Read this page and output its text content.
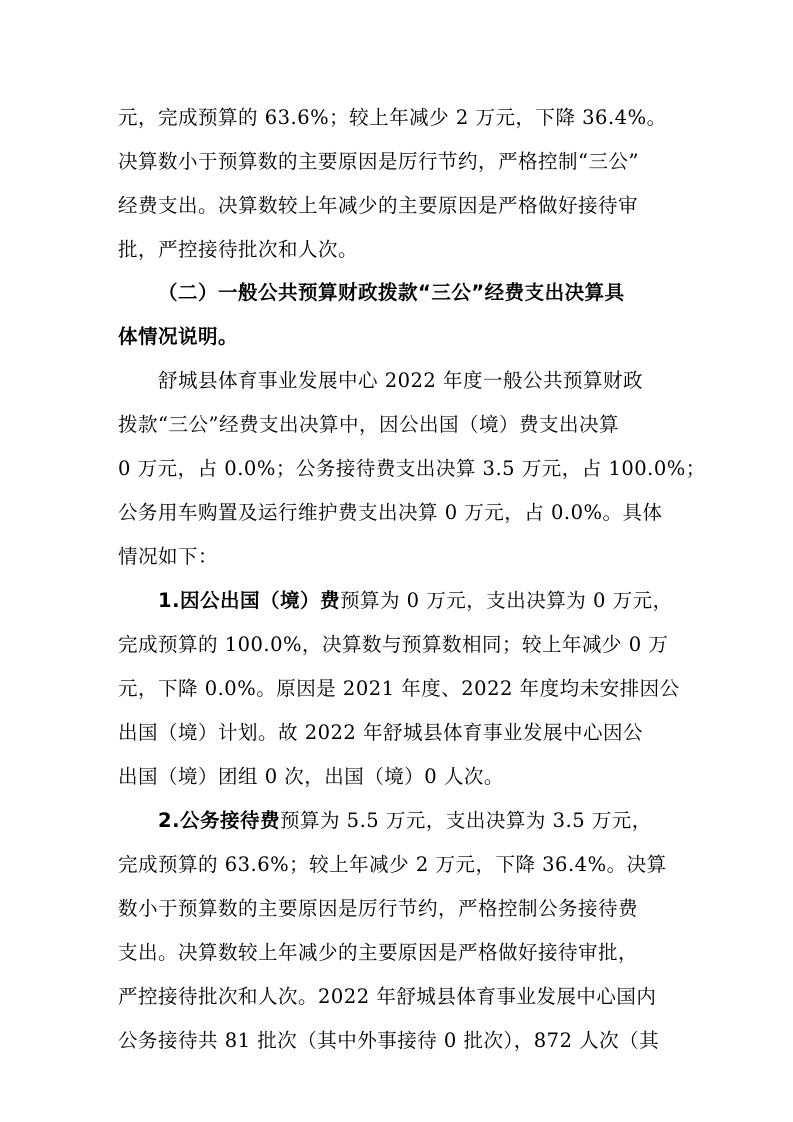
元，完成预算的 63.6%；较上年减少 2 万元，下降 36.4%。
决算数小于预算数的主要原因是厉行节约，严格控制“三公”
经费支出。决算数较上年减少的主要原因是严格做好接待审
批，严控接待批次和人次。
（二）一般公共预算财政拨款“三公”经费支出决算具
体情况说明。
舒城县体育事业发展中心 2022 年度一般公共预算财政
拨款“三公”经费支出决算中，因公出国（境）费支出决算
0 万元，占 0.0%；公务接待费支出决算 3.5 万元，占 100.0%；
公务用车购置及运行维护费支出决算 0 万元，占 0.0%。具体
情况如下：
1.因公出国（境）费预算为 0 万元，支出决算为 0 万元，
完成预算的 100.0%，决算数与预算数相同；较上年减少 0 万
元，下降 0.0%。原因是 2021 年度、2022 年度均未安排因公
出国（境）计划。故 2022 年舒城县体育事业发展中心因公
出国（境）团组 0 次，出国（境）0 人次。
2.公务接待费预算为 5.5 万元，支出决算为 3.5 万元，
完成预算的 63.6%；较上年减少 2 万元，下降 36.4%。决算
数小于预算数的主要原因是厉行节约，严格控制公务接待费
支出。决算数较上年减少的主要原因是严格做好接待审批，
严控接待批次和人次。2022 年舒城县体育事业发展中心国内
公务接待共 81 批次（其中外事接待 0 批次），872 人次（其
